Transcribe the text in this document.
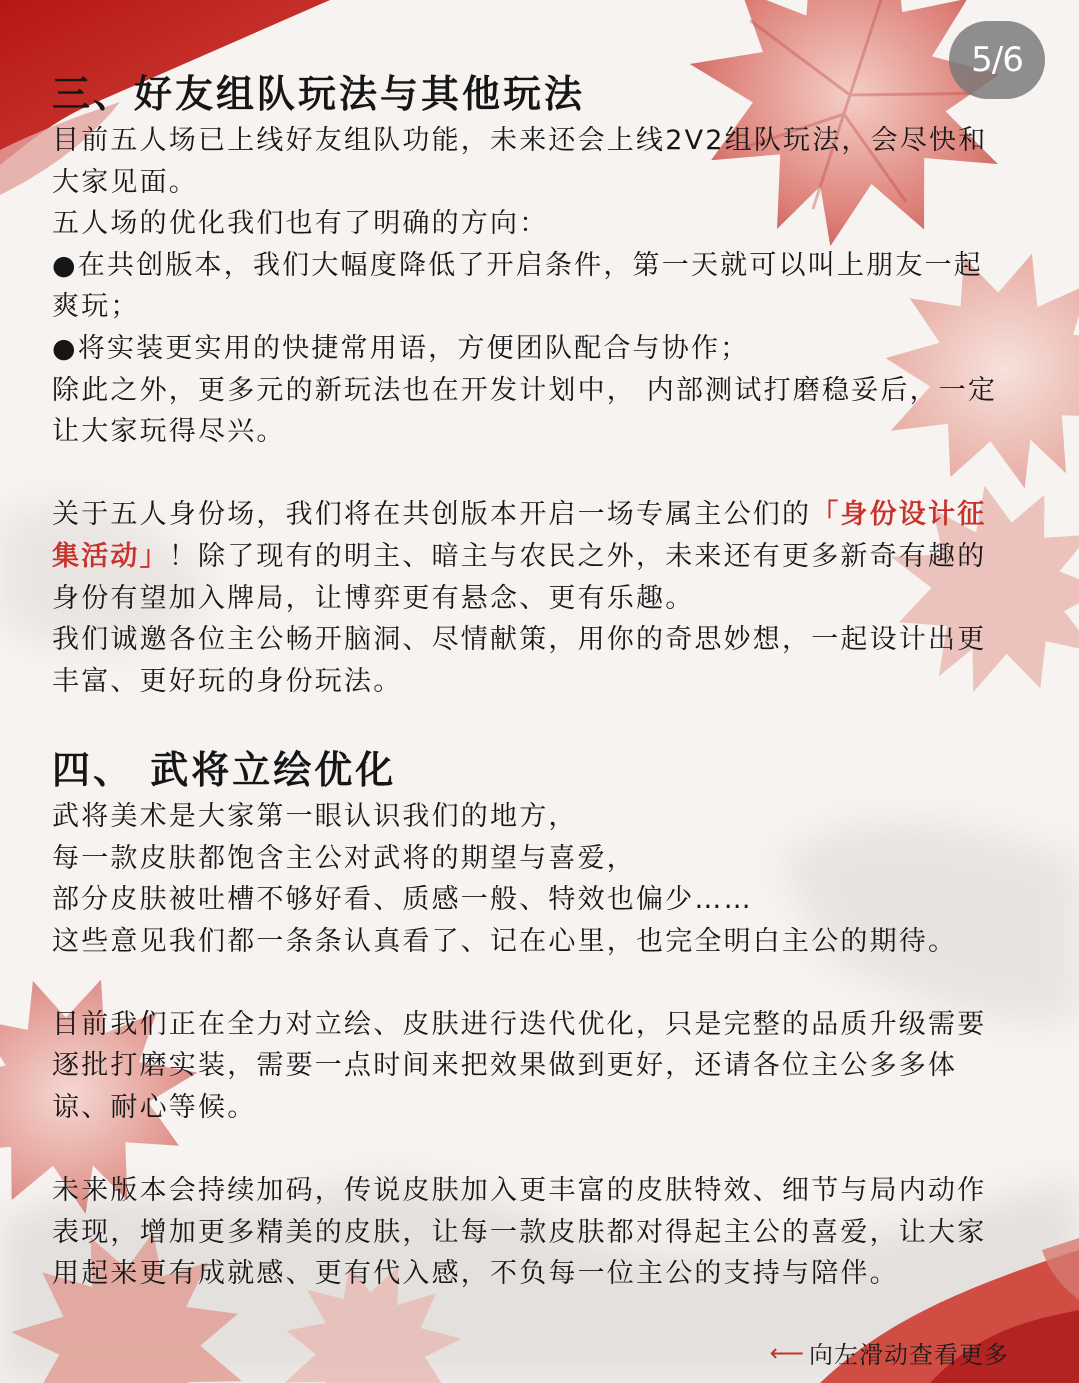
5/6
三、好友组队玩法与其他玩法

目前五人场已上线好友组队功能，未来还会上线2V2组队玩法，会尽快和大家见面。

五人场的优化我们也有了明确的方向：

●在共创版本，我们大幅度降低了开启条件，第一天就可以叫上朋友一起爽玩；

●将实装更实用的快捷常用语，方便团队配合与协作；

除此之外，更多元的新玩法也在开发计划中， 内部测试打磨稳妥后，一定让大家玩得尽兴。

关于五人身份场，我们将在共创版本开启一场专属主公们的「身份设计征集活动」！除了现有的明主、暗主与农民之外，未来还有更多新奇有趣的身份有望加入牌局，让博弈更有悬念、更有乐趣。

我们诚邀各位主公畅开脑洞、尽情献策，用你的奇思妙想，一起设计出更丰富、更好玩的身份玩法。

四、 武将立绘优化

武将美术是大家第一眼认识我们的地方，

每一款皮肤都饱含主公对武将的期望与喜爱，

部分皮肤被吐槽不够好看、质感一般、特效也偏少……

这些意见我们都一条条认真看了、记在心里，也完全明白主公的期待。

目前我们正在全力对立绘、皮肤进行迭代优化，只是完整的品质升级需要逐批打磨实装，需要一点时间来把效果做到更好，还请各位主公多多体谅、耐心等候。

未来版本会持续加码，传说皮肤加入更丰富的皮肤特效、细节与局内动作表现，增加更多精美的皮肤，让每一款皮肤都对得起主公的喜爱，让大家用起来更有成就感、更有代入感，不负每一位主公的支持与陪伴。

⟵ 向左滑动查看更多
